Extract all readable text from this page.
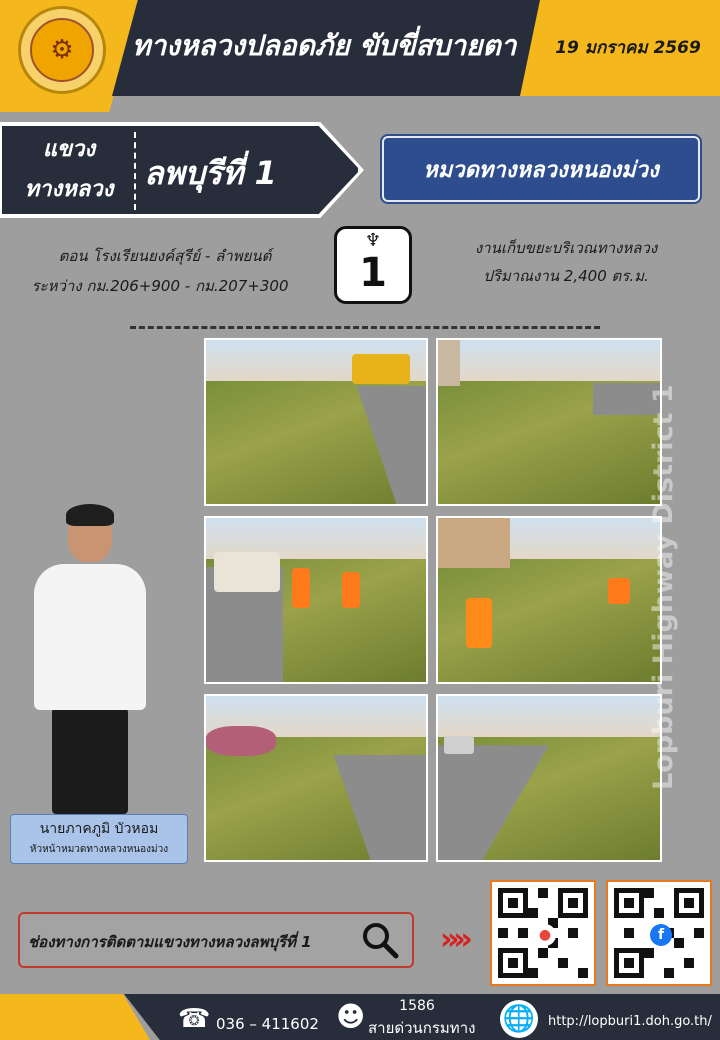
⚙	ทางหลวงปลอดภัย ขับขี่สบายตา	19 มกราคม 2569
แขวง
ทางหลวง ลพบุรีที่ 1	หมวดทางหลวงหนองม่วง
ตอน โรงเรียนยงค์สุรีย์ - ลำพยนต์
ระหว่าง กม.206+900 - กม.207+300
♆
1
งานเก็บขยะบริเวณทางหลวง
ปริมาณงาน 2,400 ตร.ม.
นายภาคภูมิ บัวหอม
หัวหน้าหมวดทางหลวงหนองม่วง
Lopburi Highway District 1
ช่องทางการติดตามแขวงทางหลวงลพบุรีที่ 1	»»	●	f
☎ 036 – 411602 ☻	1586
สายด่วนกรมทาง	🌐 http://lopburi1.doh.go.th/
